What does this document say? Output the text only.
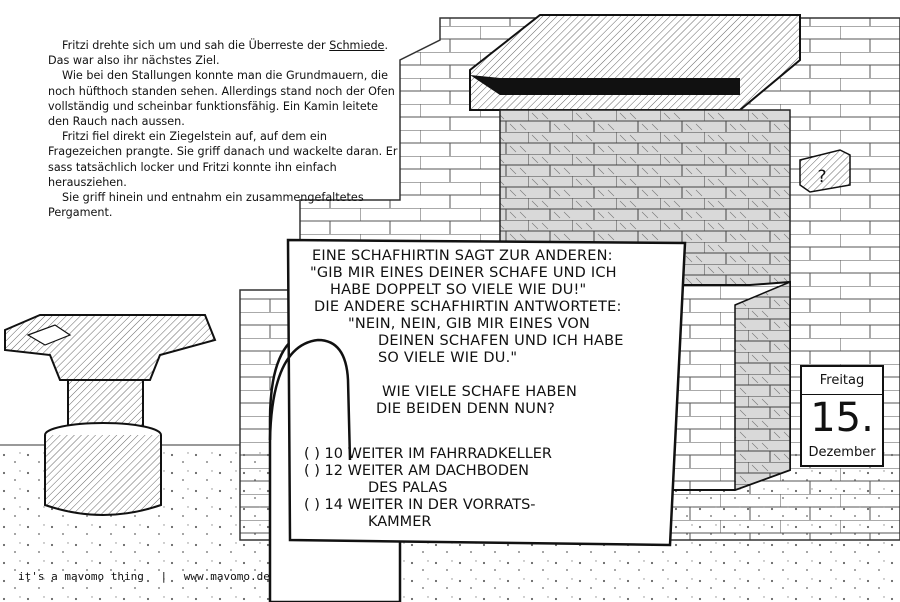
?

Fritzi drehte sich um und sah die Überreste der Schmiede. Das war also ihr nächstes Ziel.

Wie bei den Stallungen konnte man die Grundmauern, die noch hüfthoch standen sehen. Allerdings stand noch der Ofen vollständig und scheinbar funktionsfähig. Ein Kamin leitete den Rauch nach aussen.

Fritzi fiel direkt ein Ziegelstein auf, auf dem ein Fragezeichen prangte. Sie griff danach und wackelte daran. Er sass tatsächlich locker und Fritzi konnte ihn einfach herausziehen.

Sie griff hinein und entnahm ein zusammengefaltetes Pergament.

EINE SCHAFHIRTIN SAGT ZUR ANDEREN:
"GIB MIR EINES DEINER SCHAFE UND ICH
HABE DOPPELT SO VIELE WIE DU!"
DIE ANDERE SCHAFHIRTIN ANTWORTETE:
"NEIN, NEIN, GIB MIR EINES VON
DEINEN SCHAFEN UND ICH HABE
SO VIELE WIE DU."
WIE VIELE SCHAFE HABEN
DIE BEIDEN DENN NUN?
( ) 10 WEITER IM FAHRRADKELLER
( ) 12 WEITER AM DACHBODEN
DES PALAS
( ) 14 WEITER IN DER VORRATS-
KAMMER
Freitag
15.
Dezember
it's a mavomo thing | www.mavomo.de
